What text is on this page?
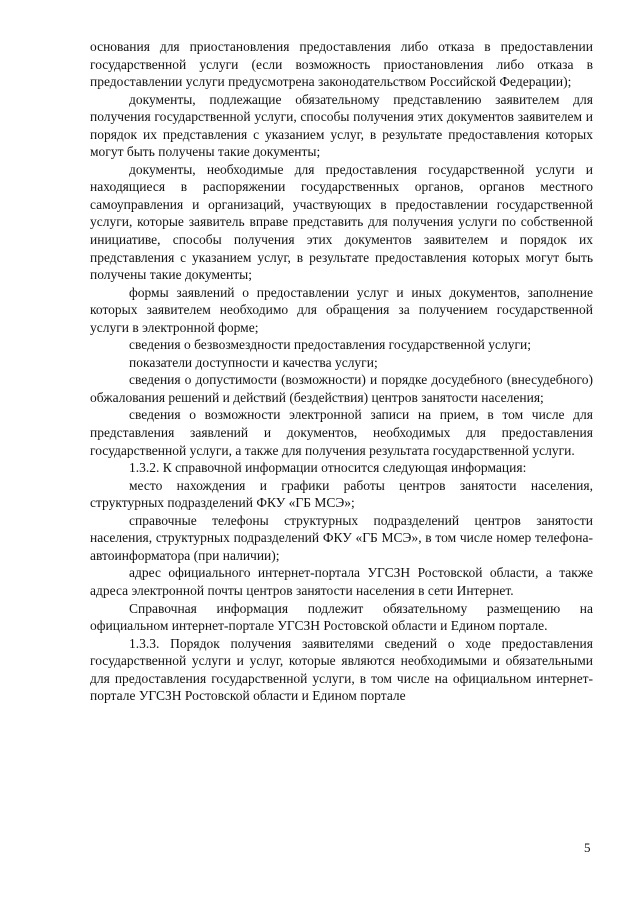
основания для приостановления предоставления либо отказа в предоставлении государственной услуги (если возможность приостановления либо отказа в предоставлении услуги предусмотрена законодательством Российской Федерации);

документы, подлежащие обязательному представлению заявителем для получения государственной услуги, способы получения этих документов заявителем и порядок их представления с указанием услуг, в результате предоставления которых могут быть получены такие документы;

документы, необходимые для предоставления государственной услуги и находящиеся в распоряжении государственных органов, органов местного самоуправления и организаций, участвующих в предоставлении государственной услуги, которые заявитель вправе представить для получения услуги по собственной инициативе, способы получения этих документов заявителем и порядок их представления с указанием услуг, в результате предоставления которых могут быть получены такие документы;

формы заявлений о предоставлении услуг и иных документов, заполнение которых заявителем необходимо для обращения за получением государственной услуги в электронной форме;

сведения о безвозмездности предоставления государственной услуги;

показатели доступности и качества услуги;

сведения о допустимости (возможности) и порядке досудебного (внесудебного) обжалования решений и действий (бездействия) центров занятости населения;

сведения о возможности электронной записи на прием, в том числе для представления заявлений и документов, необходимых для предоставления государственной услуги, а также для получения результата государственной услуги.

1.3.2. К справочной информации относится следующая информация:

место нахождения и графики работы центров занятости населения, структурных подразделений ФКУ «ГБ МСЭ»;

справочные телефоны структурных подразделений центров занятости населения, структурных подразделений ФКУ «ГБ МСЭ», в том числе номер телефона-автоинформатора (при наличии);

адрес официального интернет-портала УГСЗН Ростовской области, а также адреса электронной почты центров занятости населения в сети Интернет.

Справочная информация подлежит обязательному размещению на официальном интернет-портале УГСЗН Ростовской области и Едином портале.

1.3.3. Порядок получения заявителями сведений о ходе предоставления государственной услуги и услуг, которые являются необходимыми и обязательными для предоставления государственной услуги, в том числе на официальном интернет-портале УГСЗН Ростовской области и Едином портале

5
